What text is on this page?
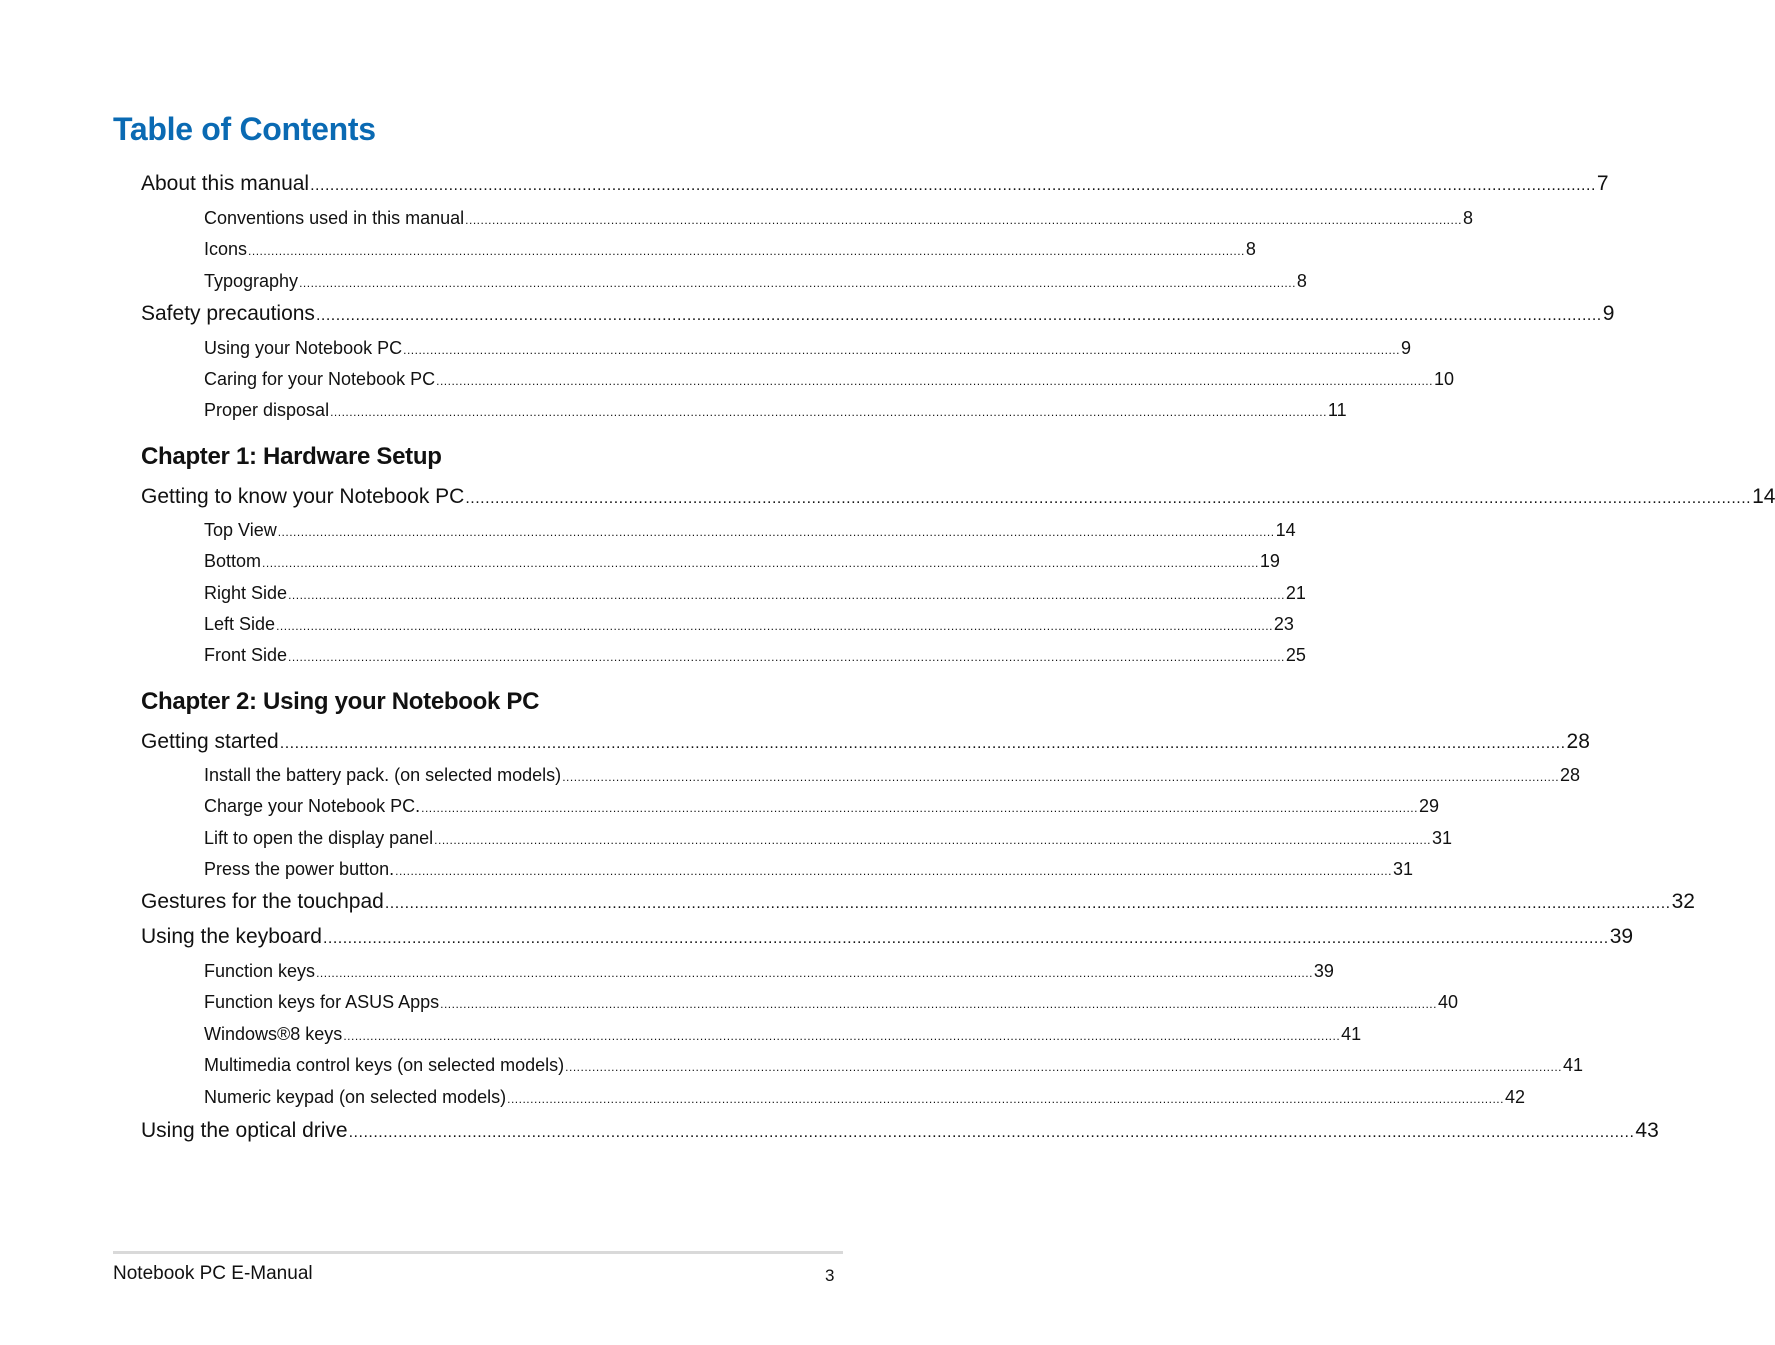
Table of Contents
About this manual .................................................................................................................................................................................................................................................................... 7
Conventions used in this manual .................................................................................................................................................................................................................................................................... 8
Icons .................................................................................................................................................................................................................................................................... 8
Typography .................................................................................................................................................................................................................................................................... 8
Safety precautions .................................................................................................................................................................................................................................................................... 9
Using your Notebook PC .................................................................................................................................................................................................................................................................... 9
Caring for your Notebook PC .................................................................................................................................................................................................................................................................... 10
Proper disposal .................................................................................................................................................................................................................................................................... 11
Chapter 1: Hardware Setup
Getting to know your Notebook PC .................................................................................................................................................................................................................................................................... 14
Top View .................................................................................................................................................................................................................................................................... 14
Bottom .................................................................................................................................................................................................................................................................... 19
Right Side .................................................................................................................................................................................................................................................................... 21
Left Side .................................................................................................................................................................................................................................................................... 23
Front Side .................................................................................................................................................................................................................................................................... 25
Chapter 2: Using your Notebook PC
Getting started .................................................................................................................................................................................................................................................................... 28
Install the battery pack. (on selected models) .................................................................................................................................................................................................................................................................... 28
Charge your Notebook PC. .................................................................................................................................................................................................................................................................... 29
Lift to open the display panel .................................................................................................................................................................................................................................................................... 31
Press the power button. .................................................................................................................................................................................................................................................................... 31
Gestures for the touchpad .................................................................................................................................................................................................................................................................... 32
Using the keyboard .................................................................................................................................................................................................................................................................... 39
Function keys .................................................................................................................................................................................................................................................................... 39
Function keys for ASUS Apps .................................................................................................................................................................................................................................................................... 40
Windows®8 keys .................................................................................................................................................................................................................................................................... 41
Multimedia control keys (on selected models) .................................................................................................................................................................................................................................................................... 41
Numeric keypad (on selected models) .................................................................................................................................................................................................................................................................... 42
Using the optical drive .................................................................................................................................................................................................................................................................... 43
Notebook PC E-Manual	3
